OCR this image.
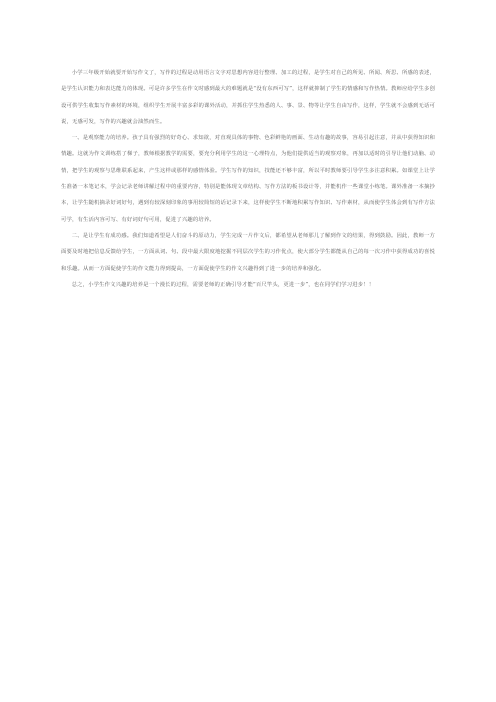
小学三年级开始就要开始写作文了，写作的过程是动用语言文字对思想内容进行整理、加工的过程，是学生对自己的所见、所闻、所思、所感的表述，是学生认识能力和表达能力的体现。可是许多学生在作文时感到最大的难题就是“没有东西可写”，这样就抑制了学生的情感和写作热情。教师应给学生多创设可供学生收集写作素材的环境，组织学生开展丰富多彩的课外活动，并抓住学生热悉的人、事、景、物等让学生自由写作，这样，学生就不会感到无话可说，无感可发，写作的兴趣就会油然而生。

一、是观察能力的培养。孩子具有强烈的好奇心、求知欲，对直观具体的事物、色彩鲜艳的画面、生动有趣的故事，容易引起注意，并从中获得知识和情趣。这就为作文训练搭了梯子，教师根据教学的需要，要充分利用学生的这一心理特点，为他们提供适当的观察对象，再加以适时的引导让他们动脑、动情，把学生的观察与思维联系起来，产生这样或那样的感情体验。学生写作的知识，技能还不够丰富，所以平时教师要引导学生多注意积累。如课堂上让学生准备一本笔记本，学会记录老师讲解过程中的重要内容，特别是能体现文章结构、写作方法的板书设计等，并能机作一些课堂小练笔。课外准备一本摘抄本，让学生随机摘录好词好句，遇到有较深刻印象的事用较简短的话记录下来，这样使学生不断地积累写作知识、写作素材，从而使学生体会到有写作方法可学，有生活内容可写、有好词好句可用，促进了兴趣的培养。

二、是让学生有成功感。我们知道希望是人们奋斗的原动力，学生完成一片作文后，都希望从老师那儿了解到作文的结果，得到鼓励。因此，教师一方面要及时地把信息反馈给学生，一方面从词、句、段中最大限度地挖掘不同层次学生的习作优点，使大部分学生都能从自己的每一次习作中获得成功的喜悦和乐趣。从而一方面促使学生的作文能力得到提高，一方面促使学生的作文兴趣得到了进一步的培养和强化。

总之，小学生作文兴趣的培养是一个漫长的过程，需要老师的正确引导才能“百尺竿头，更进一步”，也在同学们学习进步！！
